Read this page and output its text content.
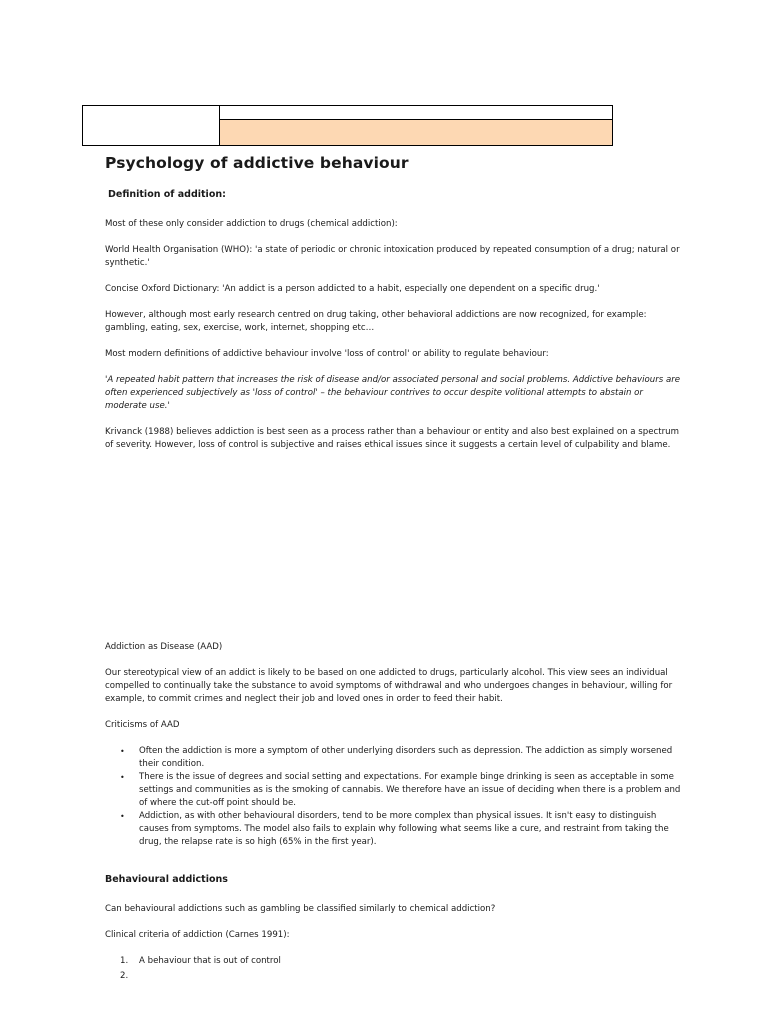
Psychology of addictive behaviour
Definition of addition:

Most of these only consider addiction to drugs (chemical addiction):

World Health Organisation (WHO): 'a state of periodic or chronic intoxication produced by repeated consumption of a drug; natural or synthetic.'

Concise Oxford Dictionary: 'An addict is a person addicted to a habit, especially one dependent on a specific drug.'

However, although most early research centred on drug taking, other behavioral addictions are now recognized, for example: gambling, eating, sex, exercise, work, internet, shopping etc…

Most modern definitions of addictive behaviour involve 'loss of control' or ability to regulate behaviour:

'A repeated habit pattern that increases the risk of disease and/or associated personal and social problems. Addictive behaviours are often experienced subjectively as 'loss of control' – the behaviour contrives to occur despite volitional attempts to abstain or moderate use.'

Krivanck (1988) believes addiction is best seen as a process rather than a behaviour or entity and also best explained on a spectrum of severity. However, loss of control is subjective and raises ethical issues since it suggests a certain level of culpability and blame.

Addiction as Disease (AAD)

Our stereotypical view of an addict is likely to be based on one addicted to drugs, particularly alcohol. This view sees an individual compelled to continually take the substance to avoid symptoms of withdrawal and who undergoes changes in behaviour, willing for example, to commit crimes and neglect their job and loved ones in order to feed their habit.

Criticisms of AAD

• Often the addiction is more a symptom of other underlying disorders such as depression. The addiction as simply worsened their condition.
• There is the issue of degrees and social setting and expectations. For example binge drinking is seen as acceptable in some settings and communities as is the smoking of cannabis. We therefore have an issue of deciding when there is a problem and of where the cut-off point should be.
• Addiction, as with other behavioural disorders, tend to be more complex than physical issues. It isn't easy to distinguish causes from symptoms. The model also fails to explain why following what seems like a cure, and restraint from taking the drug, the relapse rate is so high (65% in the first year).
Behavioural addictions

Can behavioural addictions such as gambling be classified similarly to chemical addiction?

Clinical criteria of addiction (Carnes 1991):

1. A behaviour that is out of control
2.
